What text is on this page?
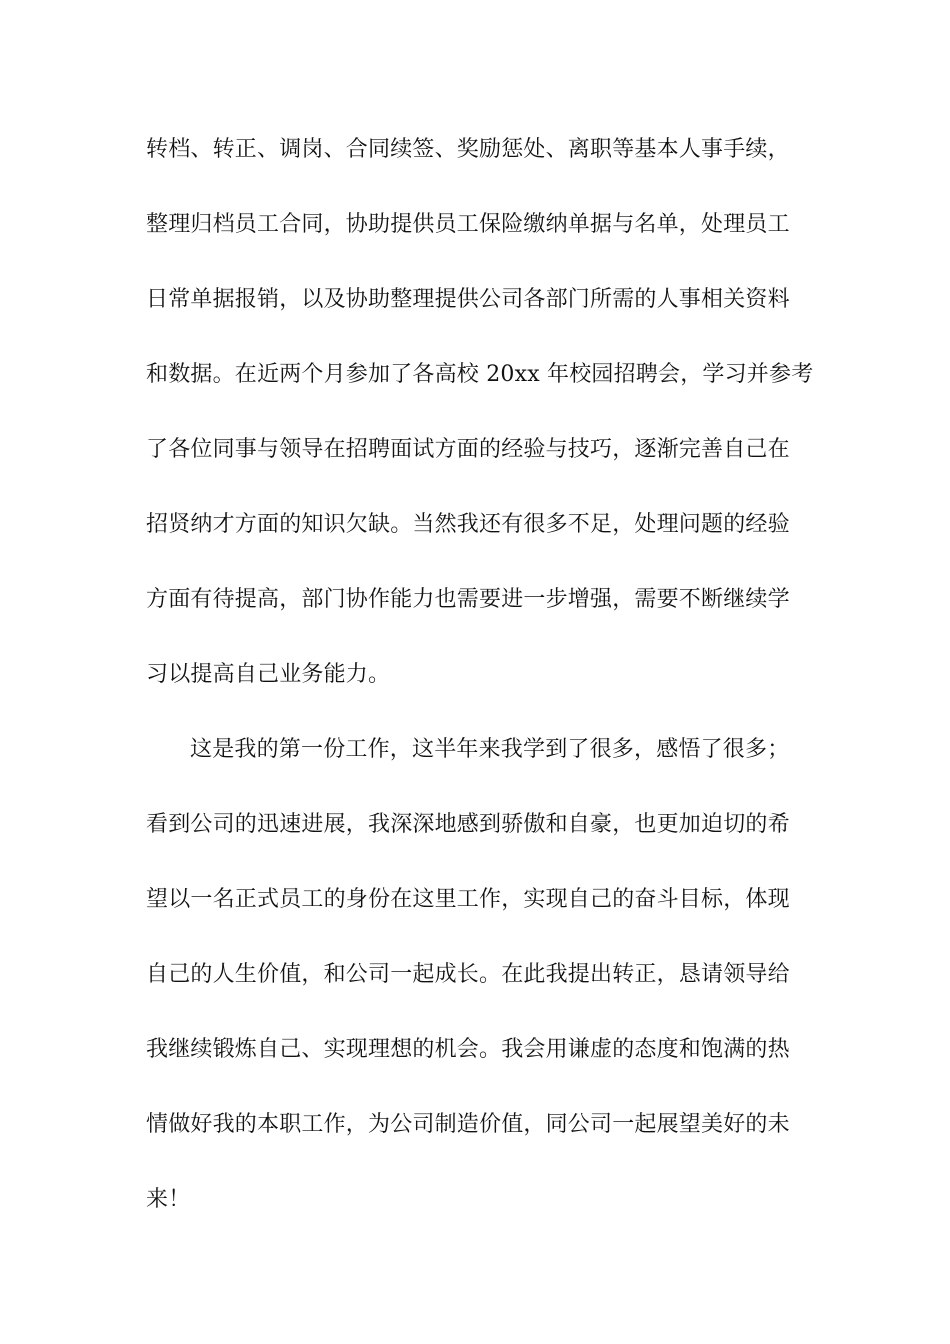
转档、转正、调岗、合同续签、奖励惩处、离职等基本人事手续，
整理归档员工合同，协助提供员工保险缴纳单据与名单，处理员工
日常单据报销，以及协助整理提供公司各部门所需的人事相关资料
和数据。在近两个月参加了各高校 20xx 年校园招聘会，学习并参考
了各位同事与领导在招聘面试方面的经验与技巧，逐渐完善自己在
招贤纳才方面的知识欠缺。当然我还有很多不足，处理问题的经验
方面有待提高，部门协作能力也需要进一步增强，需要不断继续学
习以提高自己业务能力。
这是我的第一份工作，这半年来我学到了很多，感悟了很多；
看到公司的迅速进展，我深深地感到骄傲和自豪，也更加迫切的希
望以一名正式员工的身份在这里工作，实现自己的奋斗目标，体现
自己的人生价值，和公司一起成长。在此我提出转正，恳请领导给
我继续锻炼自己、实现理想的机会。我会用谦虚的态度和饱满的热
情做好我的本职工作，为公司制造价值，同公司一起展望美好的未
来！
